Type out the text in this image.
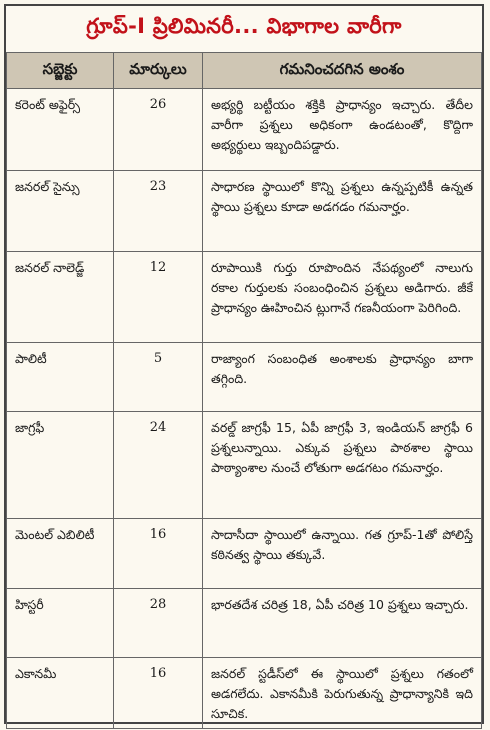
గ్రూప్-I ప్రిలిమినరీ... విభాగాల వారీగా
సబ్జెక్టు	మార్కులు	గమనించదగిన అంశం
కరెంట్ అఫైర్స్	26	అభ్యర్థి బట్టీయం శక్తికి ప్రాధాన్యం ఇచ్చారు. తేదీల వారీగా ప్రశ్నలు అధికంగా ఉండటంతో, కొద్దిగా అభ్యర్థులు ఇబ్బందిపడ్డారు.
జనరల్ సైన్సు	23	సాధారణ స్థాయిలో కొన్ని ప్రశ్నలు ఉన్నప్పటికీ ఉన్నత స్థాయి ప్రశ్నలు కూడా అడగడం గమనార్హం.
జనరల్ నాలెడ్జ్	12	రూపాయికి గుర్తు రూపొందిన నేపథ్యంలో నాలుగు రకాల గుర్తులకు సంబంధించిన ప్రశ్నలు అడిగారు. జీకే ప్రాధాన్యం ఊహించిన ట్లుగానే గణనీయంగా పెరిగింది.
పాలిటీ	5	రాజ్యాంగ సంబంధిత అంశాలకు ప్రాధాన్యం బాగా తగ్గింది.
జాగ్రఫీ	24	వరల్డ్ జాగ్రఫీ 15, ఏపీ జాగ్రఫీ 3, ఇండియన్ జాగ్రఫీ 6 ప్రశ్నలున్నాయి. ఎక్కువ ప్రశ్నలు పాఠశాల స్థాయి పాఠ్యాంశాల నుంచే లోతుగా అడగటం గమనార్హం.
మెంటల్ ఎబిలిటీ	16	సాదాసీదా స్థాయిలో ఉన్నాయి. గత గ్రూప్-1తో పోలిస్తే కఠినత్వ స్థాయి తక్కువే.
హిస్టరీ	28	భారతదేశ చరిత్ర 18, ఏపీ చరిత్ర 10 ప్రశ్నలు ఇచ్చారు.
ఎకానమీ	16	జనరల్ స్టడీస్‌లో ఈ స్థాయిలో ప్రశ్నలు గతంలో అడగలేదు. ఎకానమీకి పెరుగుతున్న ప్రాధాన్యానికి ఇది సూచిక.
